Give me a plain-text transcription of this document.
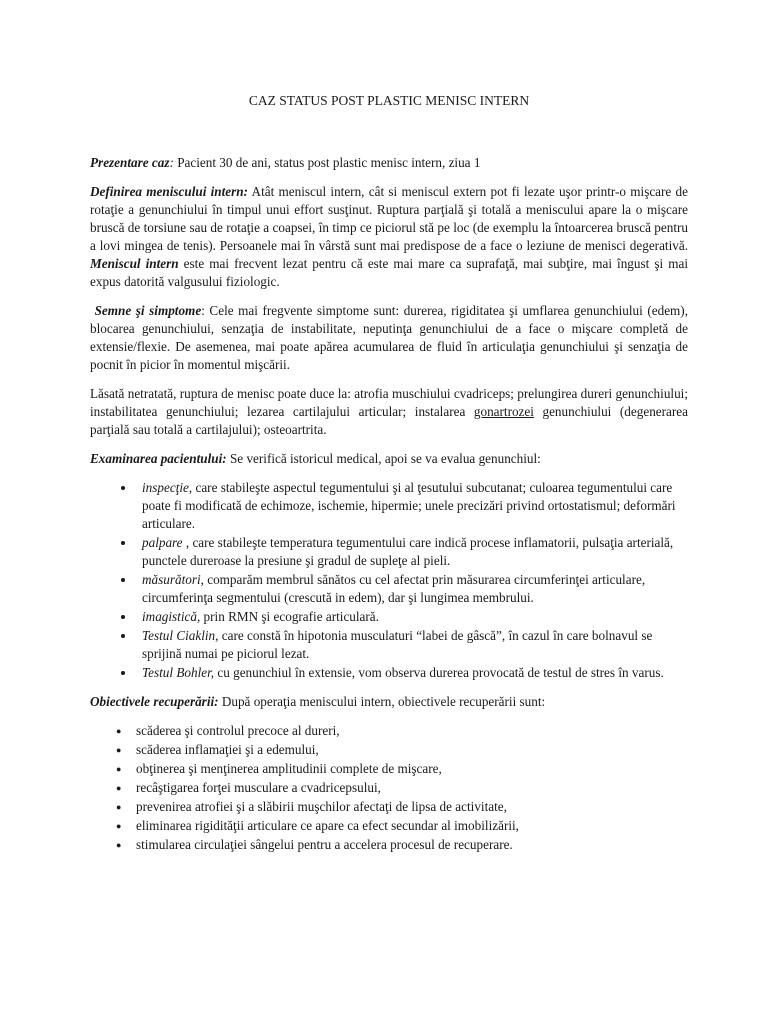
CAZ STATUS POST PLASTIC MENISC INTERN

Prezentare caz: Pacient 30 de ani, status post plastic menisc intern, ziua 1

Definirea meniscului intern: Atât meniscul intern, cât si meniscul extern pot fi lezate uşor printr-o mişcare de rotaţie a genunchiului în timpul unui effort susţinut. Ruptura parţială şi totală a meniscului apare la o mişcare bruscă de torsiune sau de rotaţie a coapsei, în timp ce piciorul stă pe loc (de exemplu la întoarcerea bruscă pentru a lovi mingea de tenis). Persoanele mai în vârstă sunt mai predispose de a face o leziune de menisci degerativă. Meniscul intern este mai frecvent lezat pentru că este mai mare ca suprafaţă, mai subţire, mai îngust şi mai expus datorită valgusului fiziologic.

Semne şi simptome: Cele mai fregvente simptome sunt: durerea, rigiditatea şi umflarea genunchiului (edem), blocarea genunchiului, senzaţia de instabilitate, neputinţa genunchiului de a face o mişcare completă de extensie/flexie. De asemenea, mai poate apărea acumularea de fluid în articulaţia genunchiului şi senzaţia de pocnit în picior în momentul mişcării.

Lăsată netratată, ruptura de menisc poate duce la: atrofia muschiului cvadriceps; prelungirea dureri genunchiului; instabilitatea genunchiului; lezarea cartilajului articular; instalarea gonartrozei genunchiului (degenerarea parţială sau totală a cartilajului); osteoartrita.

Examinarea pacientului: Se verifică istoricul medical, apoi se va evalua genunchiul:

• inspecţie, care stabileşte aspectul tegumentului şi al ţesutului subcutanat; culoarea tegumentului care poate fi modificată de echimoze, ischemie, hipermie; unele precizări privind ortostatismul; deformări articulare.
• palpare , care stabileşte temperatura tegumentului care indică procese inflamatorii, pulsaţia arterială, punctele dureroase la presiune şi gradul de supleţe al pieli.
• măsurători, comparăm membrul sănătos cu cel afectat prin măsurarea circumferinţei articulare, circumferinţa segmentului (crescută in edem), dar şi lungimea membrului.
• imagistică, prin RMN şi ecografie articulară.
• Testul Ciaklin, care constă în hipotonia musculaturi “labei de gâscă”, în cazul în care bolnavul se sprijină numai pe piciorul lezat.
• Testul Bohler, cu genunchiul în extensie, vom observa durerea provocată de testul de stres în varus.

Obiectivele recuperării: După operaţia meniscului intern, obiectivele recuperării sunt:

● scăderea şi controlul precoce al dureri,
● scăderea inflamaţiei şi a edemului,
● obţinerea şi menţinerea amplitudinii complete de mişcare,
● recâştigarea forţei musculare a cvadricepsului,
● prevenirea atrofiei şi a slăbirii muşchilor afectaţi de lipsa de activitate,
● eliminarea rigidităţii articulare ce apare ca efect secundar al imobilizării,
● stimularea circulaţiei sângelui pentru a accelera procesul de recuperare.
